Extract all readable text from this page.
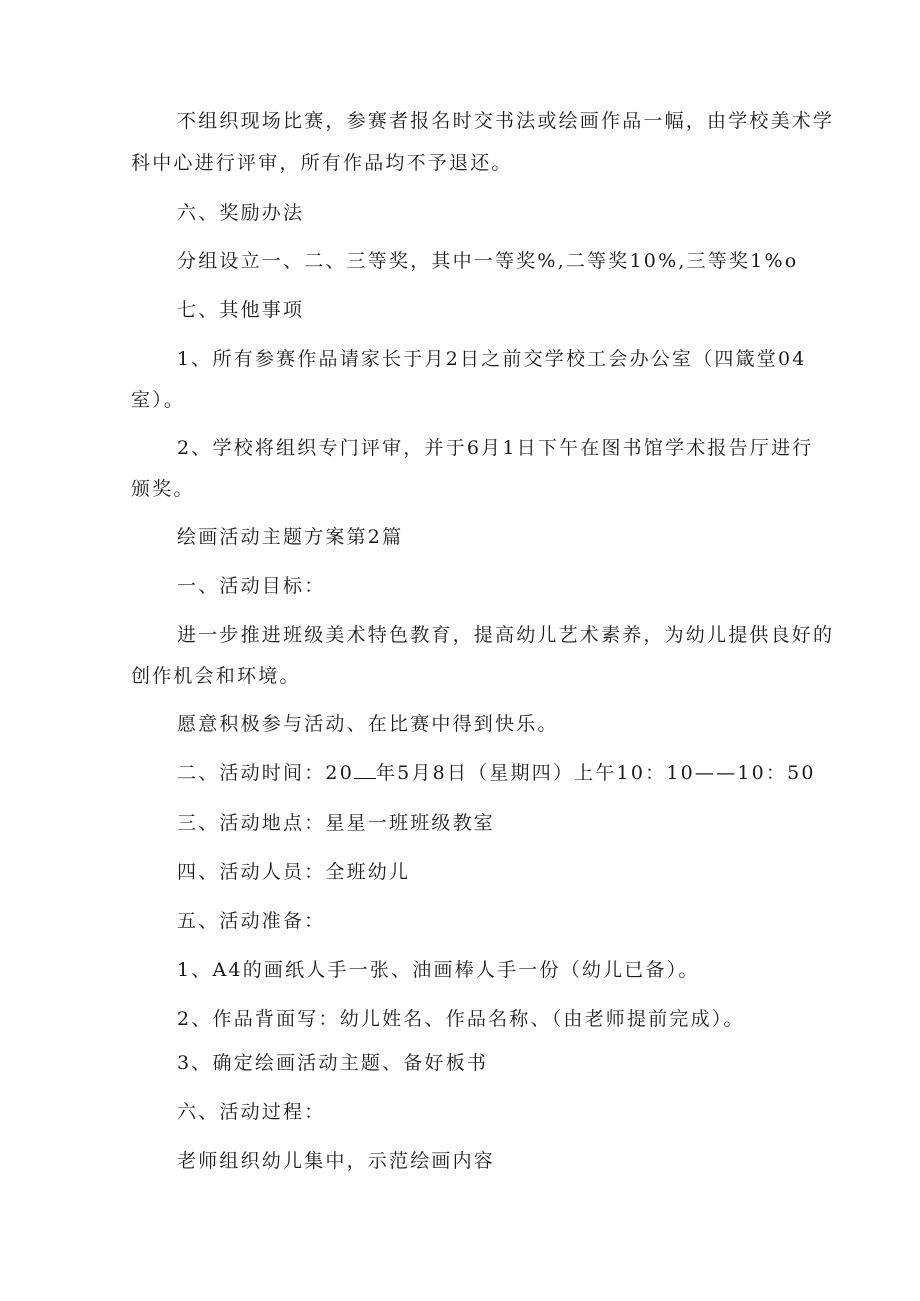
不组织现场比赛，参赛者报名时交书法或绘画作品一幅，由学校美术学
科中心进行评审，所有作品均不予退还。
六、奖励办法
分组设立一、二、三等奖，其中一等奖%,二等奖10%,三等奖1%o
七、其他事项
1、所有参赛作品请家长于月2日之前交学校工会办公室（四箴堂04
室）。
2、学校将组织专门评审，并于6月1日下午在图书馆学术报告厅进行
颁奖。
绘画活动主题方案第2篇
一、活动目标：
进一步推进班级美术特色教育，提高幼儿艺术素养，为幼儿提供良好的
创作机会和环境。
愿意积极参与活动、在比赛中得到快乐。
二、活动时间：20 年5月8日（星期四）上午10：10——10：50
三、活动地点：星星一班班级教室
四、活动人员：全班幼儿
五、活动准备：
1、A4的画纸人手一张、油画棒人手一份（幼儿已备）。
2、作品背面写：幼儿姓名、作品名称、（由老师提前完成）。
3、确定绘画活动主题、备好板书
六、活动过程：
老师组织幼儿集中，示范绘画内容
